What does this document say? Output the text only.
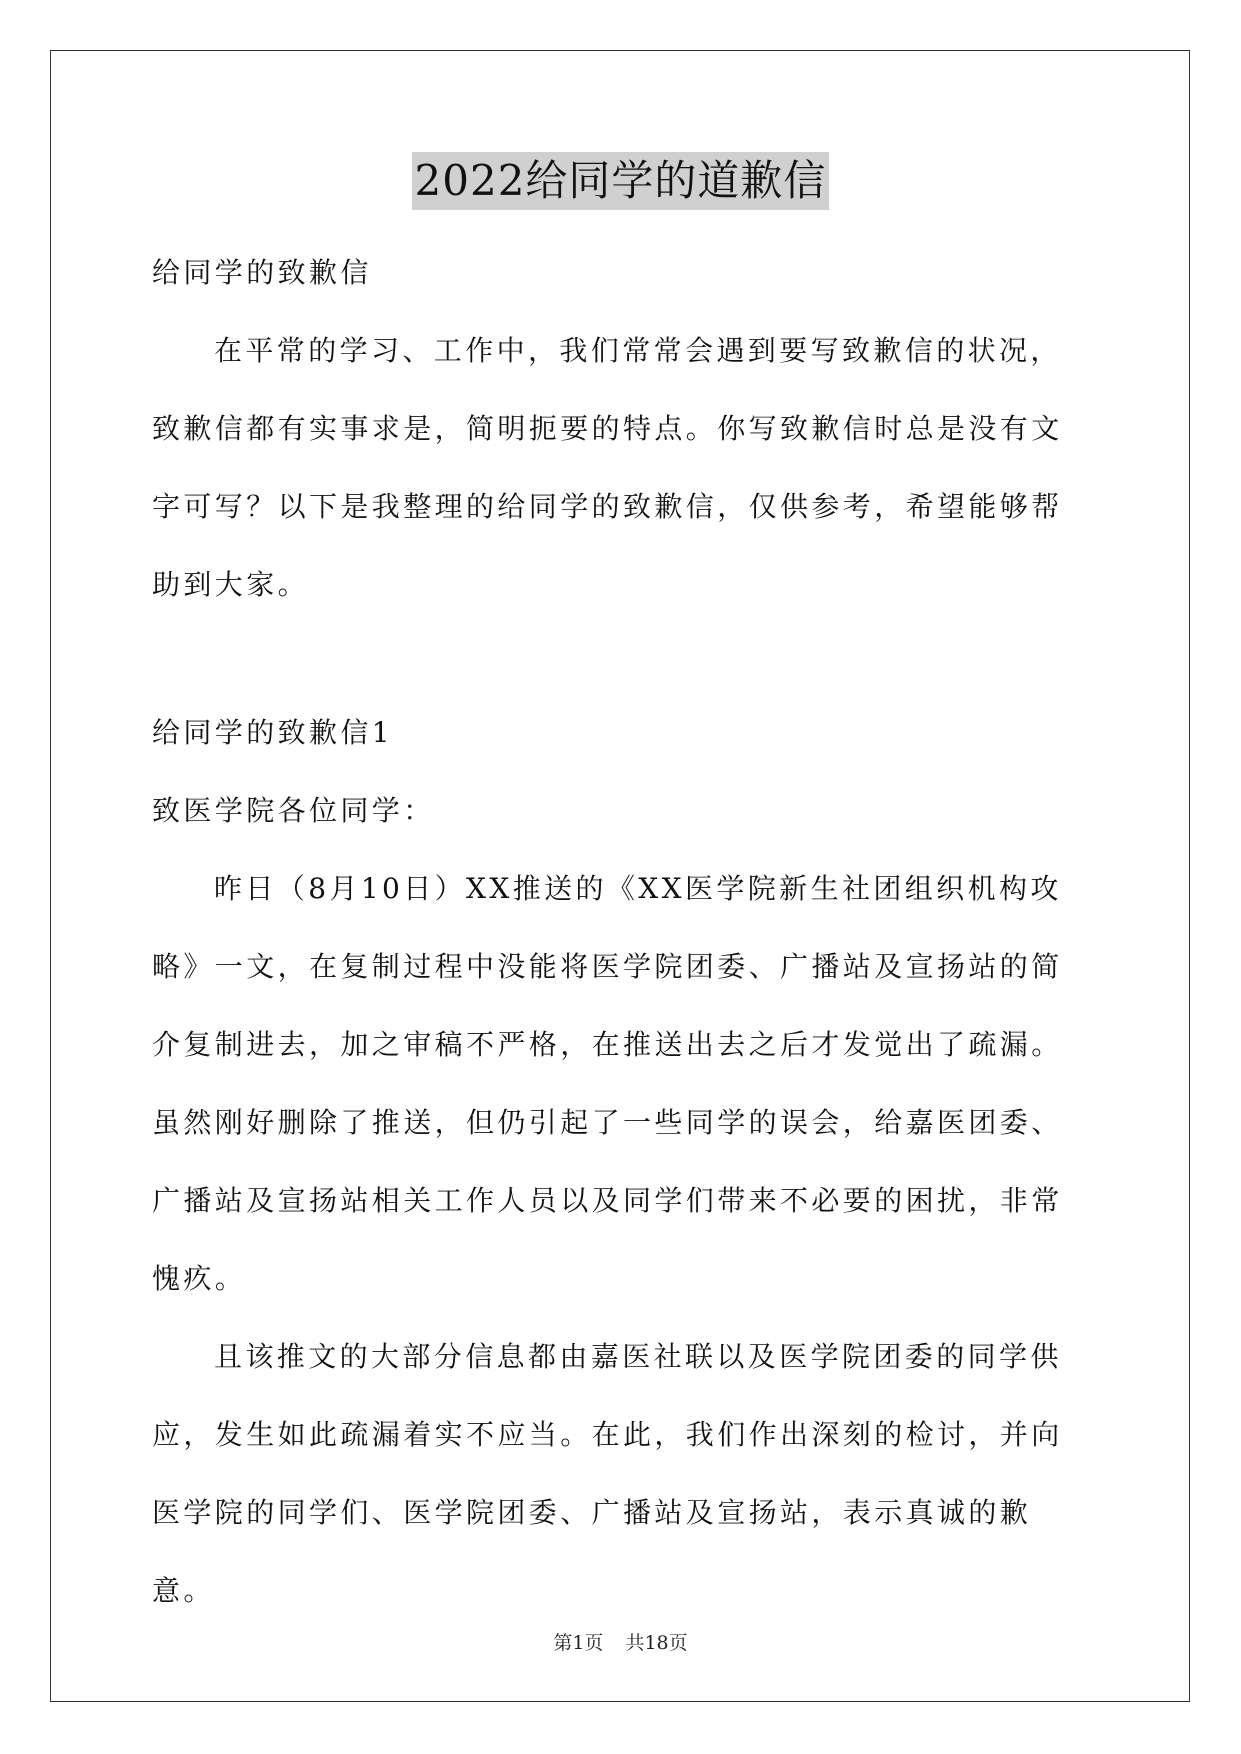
2022给同学的道歉信

给同学的致歉信

在平常的学习、工作中，我们常常会遇到要写致歉信的状况，致歉信都有实事求是，简明扼要的特点。你写致歉信时总是没有文字可写？以下是我整理的给同学的致歉信，仅供参考，希望能够帮助到大家。

给同学的致歉信1

致医学院各位同学：

昨日（8月10日）XX推送的《XX医学院新生社团组织机构攻略》一文，在复制过程中没能将医学院团委、广播站及宣扬站的简介复制进去，加之审稿不严格，在推送出去之后才发觉出了疏漏。虽然刚好删除了推送，但仍引起了一些同学的误会，给嘉医团委、广播站及宣扬站相关工作人员以及同学们带来不必要的困扰，非常愧疚。

且该推文的大部分信息都由嘉医社联以及医学院团委的同学供应，发生如此疏漏着实不应当。在此，我们作出深刻的检讨，并向医学院的同学们、医学院团委、广播站及宣扬站，表示真诚的歉意。

第1页 共18页
